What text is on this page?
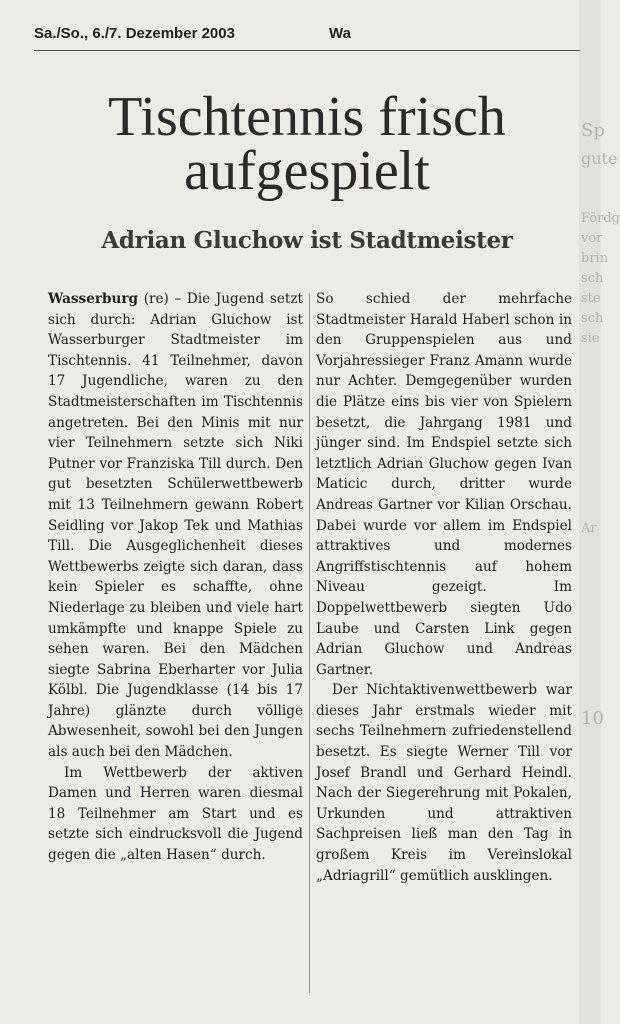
Sp
gute
Fördg
vor
brin
sch
ste
sch
sie
Ar
10
Sa./So., 6./7. Dezember 2003	Wa
Tischtennis frisch
aufgespielt
Adrian Gluchow ist Stadtmeister

Wasserburg (re) – Die Jugend setzt sich durch: Adrian Gluchow ist Wasserburger Stadtmeister im Tischtennis. 41 Teilnehmer, davon 17 Jugendliche, waren zu den Stadtmeisterschaften im Tischtennis angetreten. Bei den Minis mit nur vier Teilnehmern setzte sich Niki Putner vor Franziska Till durch. Den gut besetzten Schülerwettbewerb mit 13 Teilnehmern gewann Robert Seidling vor Jakop Tek und Mathias Till. Die Ausgeglichenheit dieses Wettbewerbs zeigte sich daran, dass kein Spieler es schaffte, ohne Niederlage zu bleiben und viele hart umkämpfte und knappe Spiele zu sehen waren. Bei den Mädchen siegte Sabrina Eberharter vor Julia Kölbl. Die Jugendklasse (14 bis 17 Jahre) glänzte durch völlige Abwesenheit, sowohl bei den Jungen als auch bei den Mädchen.

Im Wettbewerb der aktiven Damen und Herren waren diesmal 18 Teilnehmer am Start und es setzte sich eindrucksvoll die Jugend gegen die „alten Hasen“ durch.

So schied der mehrfache Stadtmeister Harald Haberl schon in den Gruppenspielen aus und Vorjahressieger Franz Amann wurde nur Achter. Demgegenüber wurden die Plätze eins bis vier von Spielern besetzt, die Jahrgang 1981 und jünger sind. Im Endspiel setzte sich letztlich Adrian Gluchow gegen Ivan Maticic durch, dritter wurde Andreas Gartner vor Kilian Orschau. Dabei wurde vor allem im Endspiel attraktives und modernes Angriffstischtennis auf hohem Niveau gezeigt. Im Doppelwettbewerb siegten Udo Laube und Carsten Link gegen Adrian Gluchow und Andreas Gartner.

Der Nichtaktivenwettbewerb war dieses Jahr erstmals wieder mit sechs Teilnehmern zufriedenstellend besetzt. Es siegte Werner Till vor Josef Brandl und Gerhard Heindl. Nach der Siegerehrung mit Pokalen, Urkunden und attraktiven Sachpreisen ließ man den Tag in großem Kreis im Vereinslokal „Adriagrill“ gemütlich ausklingen.
